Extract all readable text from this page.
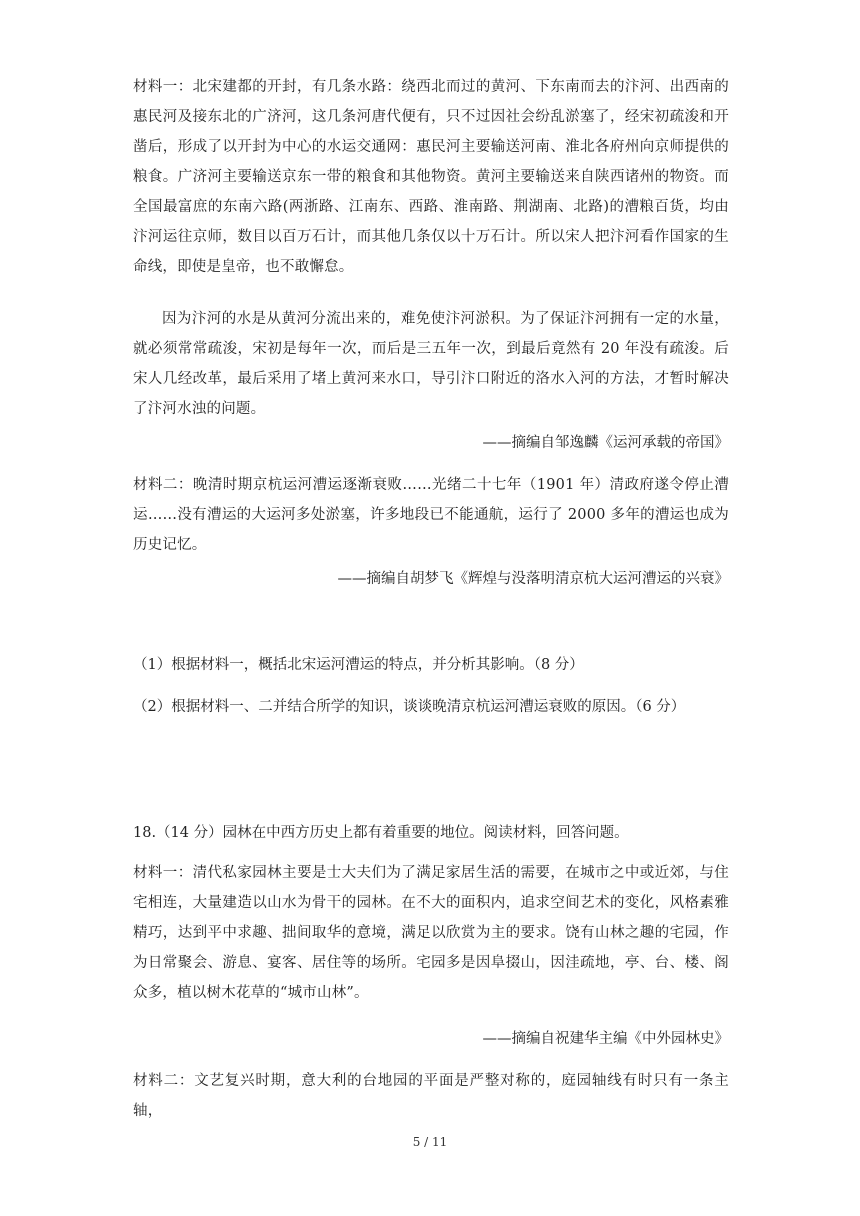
材料一：北宋建都的开封，有几条水路：绕西北而过的黄河、下东南而去的汴河、出西南的惠民河及接东北的广济河，这几条河唐代便有，只不过因社会纷乱淤塞了，经宋初疏浚和开凿后，形成了以开封为中心的水运交通网：惠民河主要输送河南、淮北各府州向京师提供的粮食。广济河主要输送京东一带的粮食和其他物资。黄河主要输送来自陕西诸州的物资。而全国最富庶的东南六路(两浙路、江南东、西路、淮南路、荆湖南、北路)的漕粮百货，均由汴河运往京师，数目以百万石计，而其他几条仅以十万石计。所以宋人把汴河看作国家的生命线，即使是皇帝，也不敢懈怠。

因为汴河的水是从黄河分流出来的，难免使汴河淤积。为了保证汴河拥有一定的水量，就必须常常疏浚，宋初是每年一次，而后是三五年一次，到最后竟然有 20 年没有疏浚。后宋人几经改革，最后采用了堵上黄河来水口，导引汴口附近的洛水入河的方法，才暂时解决了汴河水浊的问题。

——摘编自邹逸麟《运河承载的帝国》

材料二：晚清时期京杭运河漕运逐渐衰败……光绪二十七年（1901 年）清政府遂令停止漕运……没有漕运的大运河多处淤塞，许多地段已不能通航，运行了 2000 多年的漕运也成为历史记忆。

——摘编自胡梦飞《辉煌与没落明清京杭大运河漕运的兴衰》

（1）根据材料一，概括北宋运河漕运的特点，并分析其影响。（8 分）

（2）根据材料一、二并结合所学的知识，谈谈晚清京杭运河漕运衰败的原因。（6 分）

18.（14 分）园林在中西方历史上都有着重要的地位。阅读材料，回答问题。

材料一：清代私家园林主要是士大夫们为了满足家居生活的需要，在城市之中或近郊，与住宅相连，大量建造以山水为骨干的园林。在不大的面积内，追求空间艺术的变化，风格素雅精巧，达到平中求趣、拙间取华的意境，满足以欣赏为主的要求。饶有山林之趣的宅园，作为日常聚会、游息、宴客、居住等的场所。宅园多是因阜掇山，因洼疏地，亭、台、楼、阁众多，植以树木花草的“城市山林”。

——摘编自祝建华主编《中外园林史》

材料二：文艺复兴时期，意大利的台地园的平面是严整对称的，庭园轴线有时只有一条主轴，

5 / 11
